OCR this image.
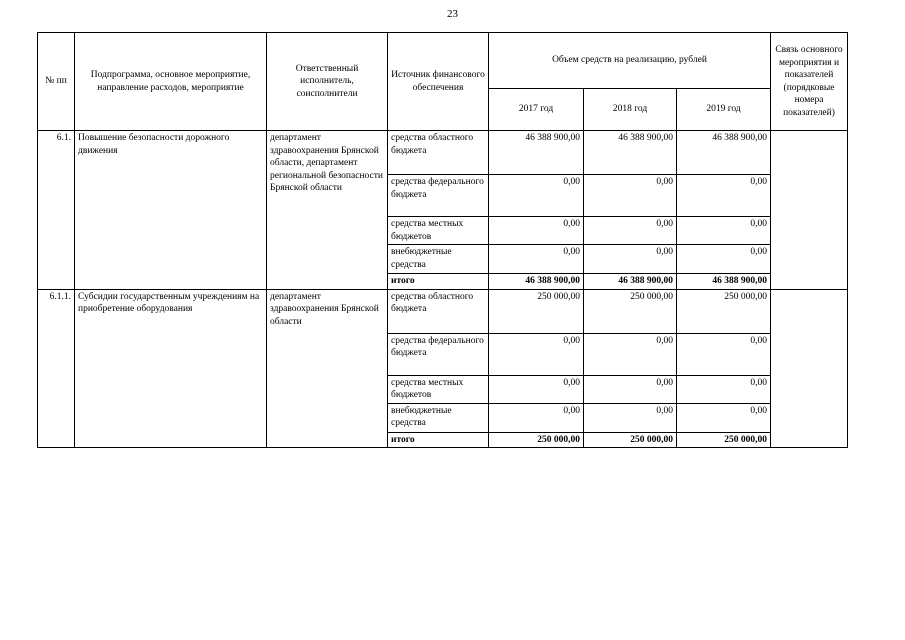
23
№ пп	Подпрограмма, основное мероприятие, направление расходов, мероприятие	Ответственный исполнитель, соисполнители	Источник финансового обеспечения	Объем средств на реализацию, рублей			Связь основного мероприятия и показателей (порядковые номера показателей)
				2017 год	2018 год	2019 год	
6.1.	Повышение безопасности дорожного движения	департамент здравоохранения Брянской области, департамент региональной безопасности Брянской области	средства областного бюджета	46 388 900,00	46 388 900,00	46 388 900,00	
			средства федерального бюджета	0,00	0,00	0,00	
			средства местных бюджетов	0,00	0,00	0,00	
			внебюджетные средства	0,00	0,00	0,00	
			итого	46 388 900,00	46 388 900,00	46 388 900,00	
6.1.1.	Субсидии государственным учреждениям на приобретение оборудования	департамент здравоохранения Брянской области	средства областного бюджета	250 000,00	250 000,00	250 000,00	
			средства федерального бюджета	0,00	0,00	0,00	
			средства местных бюджетов	0,00	0,00	0,00	
			внебюджетные средства	0,00	0,00	0,00	
			итого	250 000,00	250 000,00	250 000,00	
